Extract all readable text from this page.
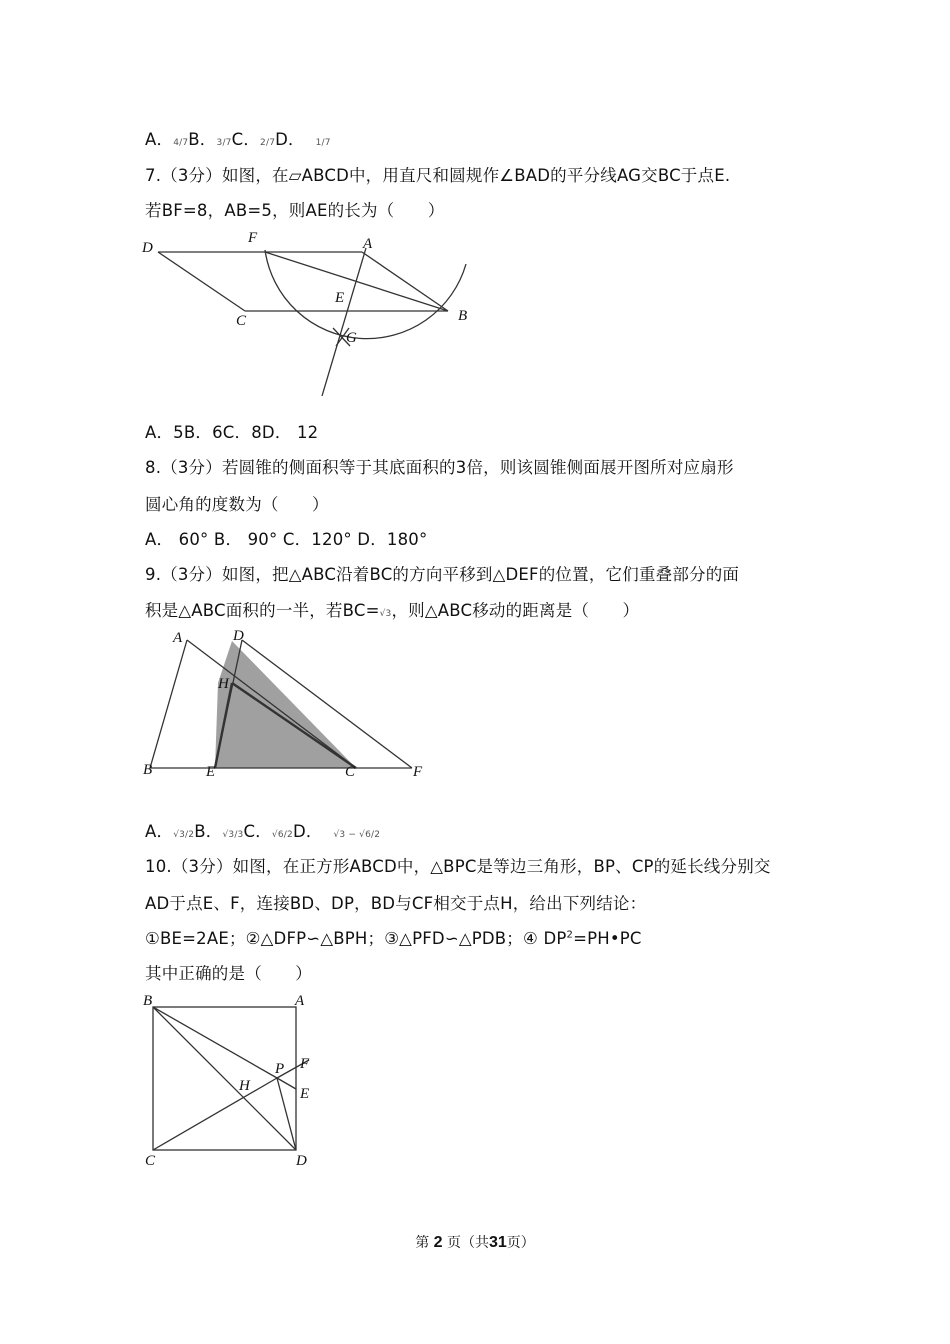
A．4/7B．3/7C．2/7D． 1/7
7.（3分）如图，在▱ABCD中，用直尺和圆规作∠BAD的平分线AG交BC于点E.
若BF=8，AB=5，则AE的长为（　　）
D
F	A
E
B
C
G
A．5B．6C．8D． 12
8.（3分）若圆锥的侧面积等于其底面积的3倍，则该圆锥侧面展开图所对应扇形
圆心角的度数为（　　）
A． 60° B． 90° C．120° D．180°
9.（3分）如图，把△ABC沿着BC的方向平移到△DEF的位置，它们重叠部分的面
积是△ABC面积的一半，若BC=√3，则△ABC移动的距离是（　　）
A	D
H
B	E	C	F
A．√3/2B．√3/3C．√6/2D． √3 − √6/2
10.（3分）如图，在正方形ABCD中，△BPC是等边三角形，BP、CP的延长线分别交
AD于点E、F，连接BD、DP，BD与CF相交于点H，给出下列结论：
①BE=2AE；②△DFP∽△BPH；③△PFD∽△PDB；④ $DP^2=PH•PC$
其中正确的是（　　）
B	A
P F
H	E
C	D
第 2 页（共31页）
